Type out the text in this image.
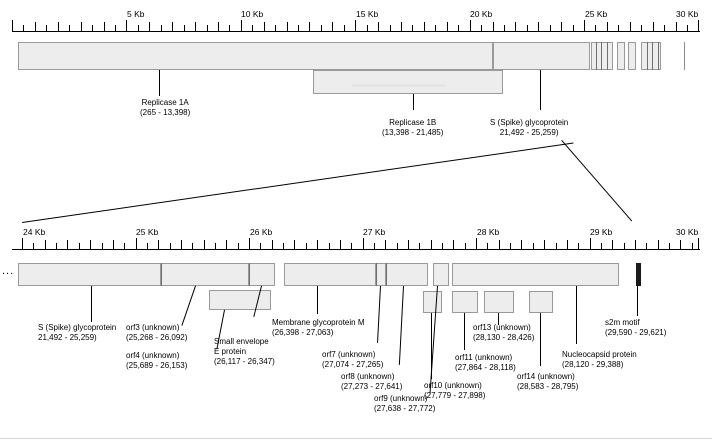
5 Kb	10 Kb	15 Kb	20 Kb	25 Kb	30 Kb
Replicase 1A
(265 - 13,398)
Replicase 1B
(13,398 - 21,485)
S (Spike) glycoprotein
21,492 - 25,259)
24 Kb	25 Kb	26 Kb	27 Kb	28 Kb	29 Kb	30 Kb
...
S (Spike) glycoprotein
21,492 - 25,259)
orf3 (unknown)
(25,268 - 26,092)
orf4 (unknown)
(25,689 - 26,153)
Small envelope
E protein
(26,117 - 26,347)
Membrane glycoprotein M
(26,398 - 27,063)
orf7 (unknown)
(27,074 - 27,265)
orf8 (unknown)
(27,273 - 27,641)
orf9 (unknown)
(27,638 - 27,772)
orf10 (unknown)
(27,779 - 27,898)
orf11 (unknown)
(27,864 - 28,118)
orf13 (unknown)
(28,130 - 28,426)
orf14 (unknown)
(28,583 - 28,795)
Nucleocapsid protein
(28,120 - 29,388)
s2m motif
(29,590 - 29,621)
